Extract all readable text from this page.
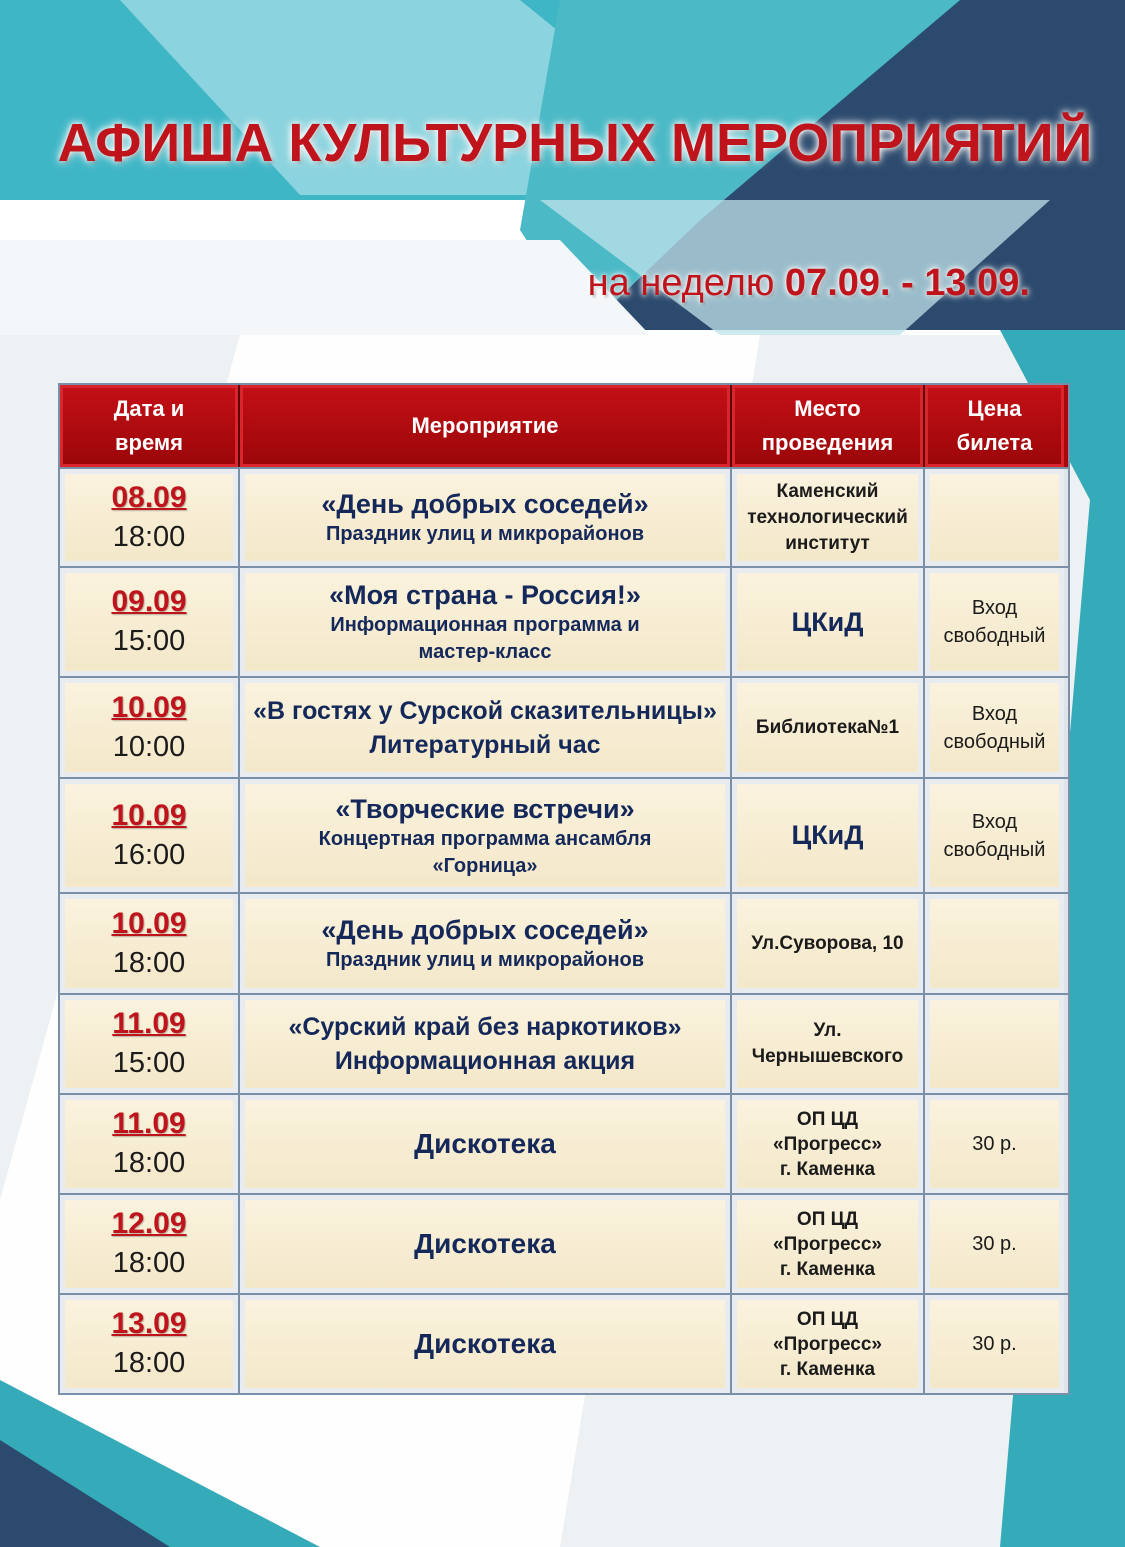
АФИША КУЛЬТУРНЫХ МЕРОПРИЯТИЙ
на неделю 07.09. - 13.09.
Дата и
время
Мероприятие
Место
проведения
Цена
билета
08.09
18:00
«День добрых соседей»
Праздник улиц и микрорайонов
Каменский
технологический
институт
09.09
15:00
«Моя страна - Россия!»
Информационная программа и
мастер-класс
ЦКиД	Вход
свободный
10.09
10:00
«В гостях у Сурской сказительницы»
Литературный час
Библиотека№1
Вход
свободный
10.09
16:00
«Творческие встречи»
Концертная программа ансамбля
«Горница»
ЦКиД	Вход
свободный
10.09
18:00
«День добрых соседей»
Праздник улиц и микрорайонов
Ул.Суворова, 10
11.09
15:00
«Сурский край без наркотиков»
Информационная акция
Ул.
Чернышевского
11.09
18:00
Дискотека
ОП ЦД
«Прогресс»
г. Каменка
30 р.
12.09
18:00
Дискотека
ОП ЦД
«Прогресс»
г. Каменка
30 р.
13.09
18:00
Дискотека
ОП ЦД
«Прогресс»
г. Каменка
30 р.
